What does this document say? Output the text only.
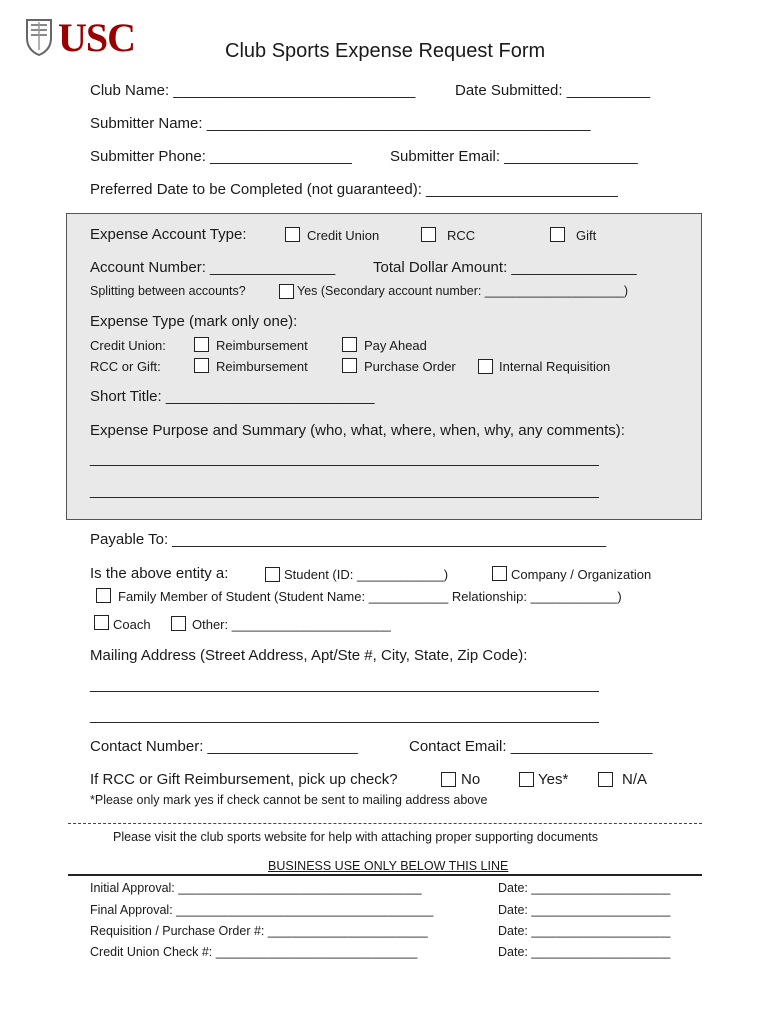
USC	Club Sports Expense Request Form
Club Name: _____________________________	Date Submitted: __________
Submitter Name: ______________________________________________
Submitter Phone: _________________	Submitter Email: ________________
Preferred Date to be Completed (not guaranteed): _______________________
Expense Account Type:	Credit Union	RCC	Gift
Account Number: _______________	Total Dollar Amount: _______________
Splitting between accounts?	Yes (Secondary account number: ____________________)
Expense Type (mark only one):
Credit Union:	Reimbursement	Pay Ahead
RCC or Gift:	Reimbursement	Purchase Order	Internal Requisition
Short Title: _________________________
Expense Purpose and Summary (who, what, where, when, why, any comments):
_____________________________________________________________
_____________________________________________________________
Payable To: ____________________________________________________
Is the above entity a:	Student (ID: ____________)	Company / Organization
Family Member of Student (Student Name: ___________ Relationship: ____________)
Coach	Other: ______________________
Mailing Address (Street Address, Apt/Ste #, City, State, Zip Code):
_____________________________________________________________
_____________________________________________________________
Contact Number: __________________	Contact Email: _________________
If RCC or Gift Reimbursement, pick up check?	No	Yes*	N/A
*Please only mark yes if check cannot be sent to mailing address above
Please visit the club sports website for help with attaching proper supporting documents
BUSINESS USE ONLY BELOW THIS LINE
Initial Approval: ___________________________________	Date: ____________________
Final Approval: _____________________________________	Date: ____________________
Requisition / Purchase Order #: _______________________	Date: ____________________
Credit Union Check #: _____________________________	Date: ____________________
